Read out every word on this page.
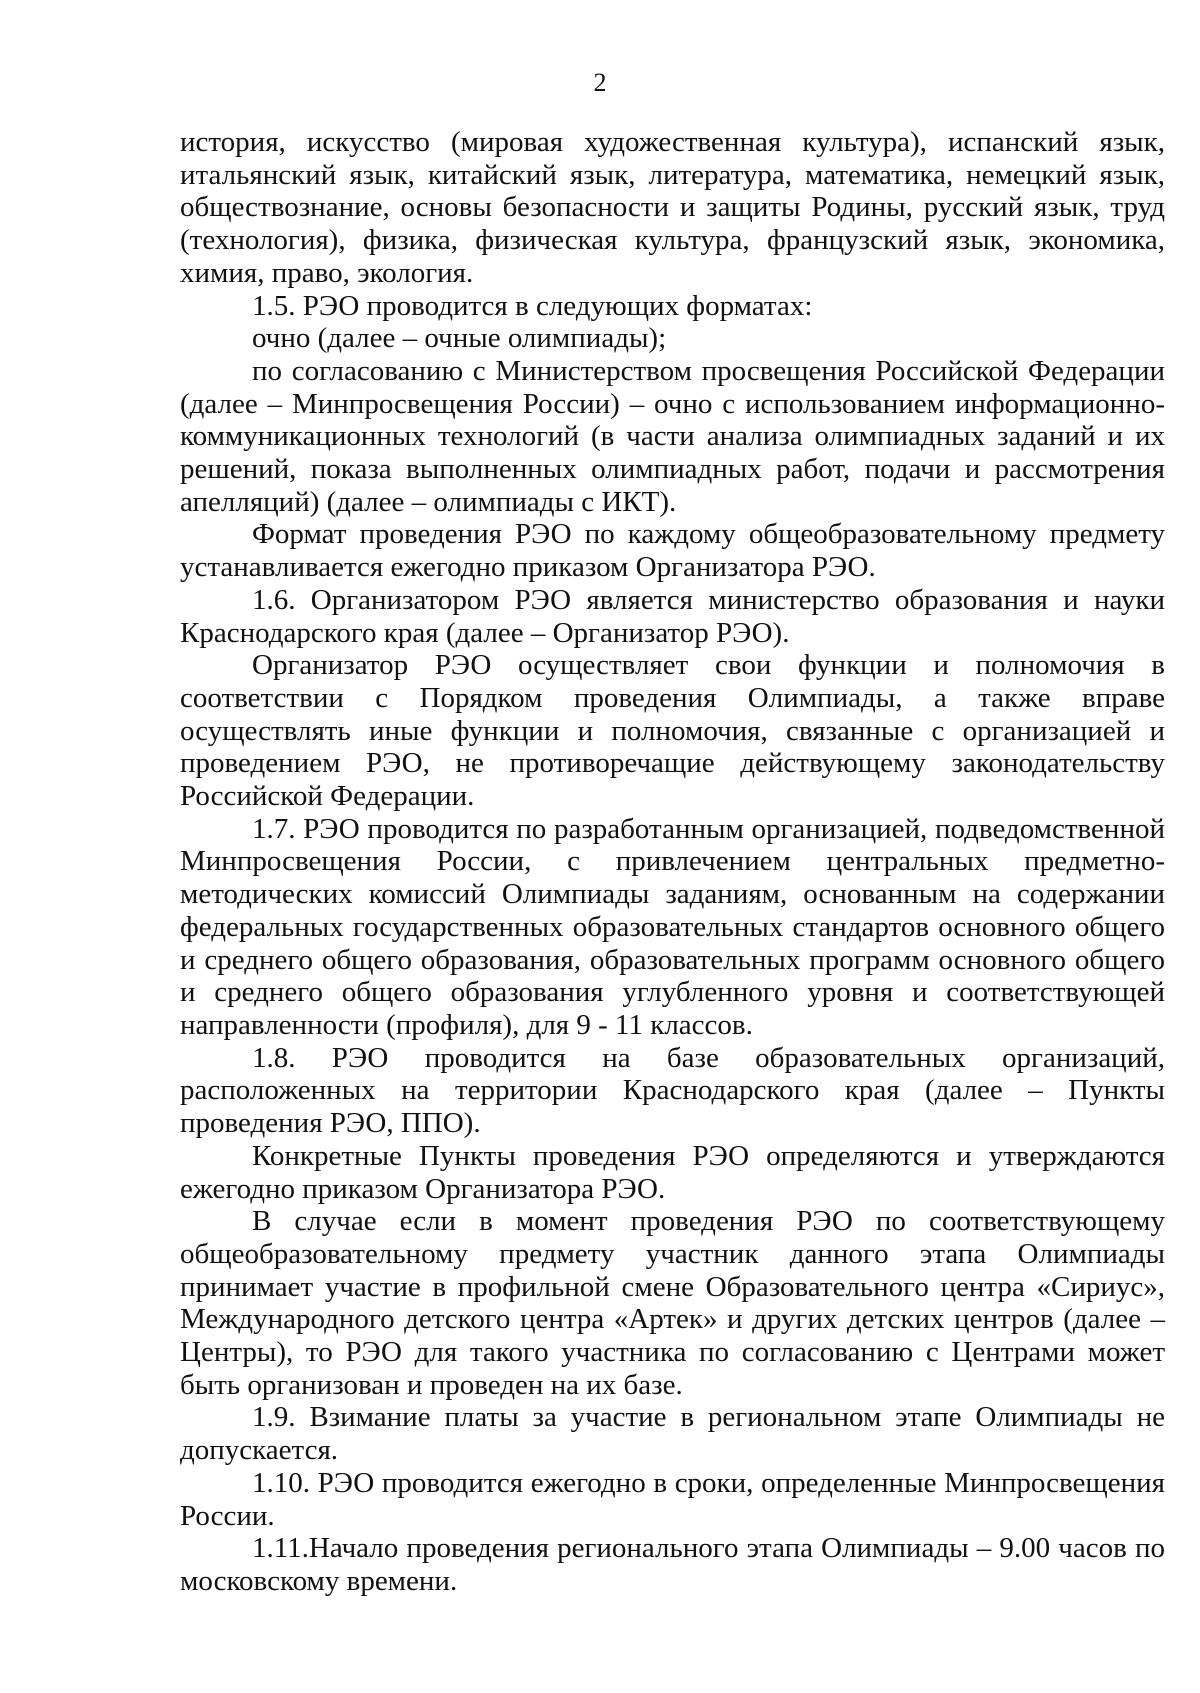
2

история, искусство (мировая художественная культура), испанский язык, итальянский язык, китайский язык, литература, математика, немецкий язык, обществознание, основы безопасности и защиты Родины, русский язык, труд (технология), физика, физическая культура, французский язык, экономика, химия, право, экология.

1.5. РЭО проводится в следующих форматах:

очно (далее – очные олимпиады);

по согласованию с Министерством просвещения Российской Федерации (далее – Минпросвещения России) – очно с использованием информационно-коммуникационных технологий (в части анализа олимпиадных заданий и их решений, показа выполненных олимпиадных работ, подачи и рассмотрения апелляций) (далее – олимпиады с ИКТ).

Формат проведения РЭО по каждому общеобразовательному предмету устанавливается ежегодно приказом Организатора РЭО.

1.6. Организатором РЭО является министерство образования и науки Краснодарского края (далее – Организатор РЭО).

Организатор РЭО осуществляет свои функции и полномочия в соответствии с Порядком проведения Олимпиады, а также вправе осуществлять иные функции и полномочия, связанные с организацией и проведением РЭО, не противоречащие действующему законодательству Российской Федерации.

1.7. РЭО проводится по разработанным организацией, подведомственной Минпросвещения России, с привлечением центральных предметно-методических комиссий Олимпиады заданиям, основанным на содержании федеральных государственных образовательных стандартов основного общего и среднего общего образования, образовательных программ основного общего и среднего общего образования углубленного уровня и соответствующей направленности (профиля), для 9 - 11 классов.

1.8. РЭО проводится на базе образовательных организаций, расположенных на территории Краснодарского края (далее – Пункты проведения РЭО, ППО).

Конкретные Пункты проведения РЭО определяются и утверждаются ежегодно приказом Организатора РЭО.

В случае если в момент проведения РЭО по соответствующему общеобразовательному предмету участник данного этапа Олимпиады принимает участие в профильной смене Образовательного центра «Сириус», Международного детского центра «Артек» и других детских центров (далее – Центры), то РЭО для такого участника по согласованию с Центрами может быть организован и проведен на их базе.

1.9. Взимание платы за участие в региональном этапе Олимпиады не допускается.

1.10. РЭО проводится ежегодно в сроки, определенные Минпросвещения России.

1.11.Начало проведения регионального этапа Олимпиады – 9.00 часов по московскому времени.
